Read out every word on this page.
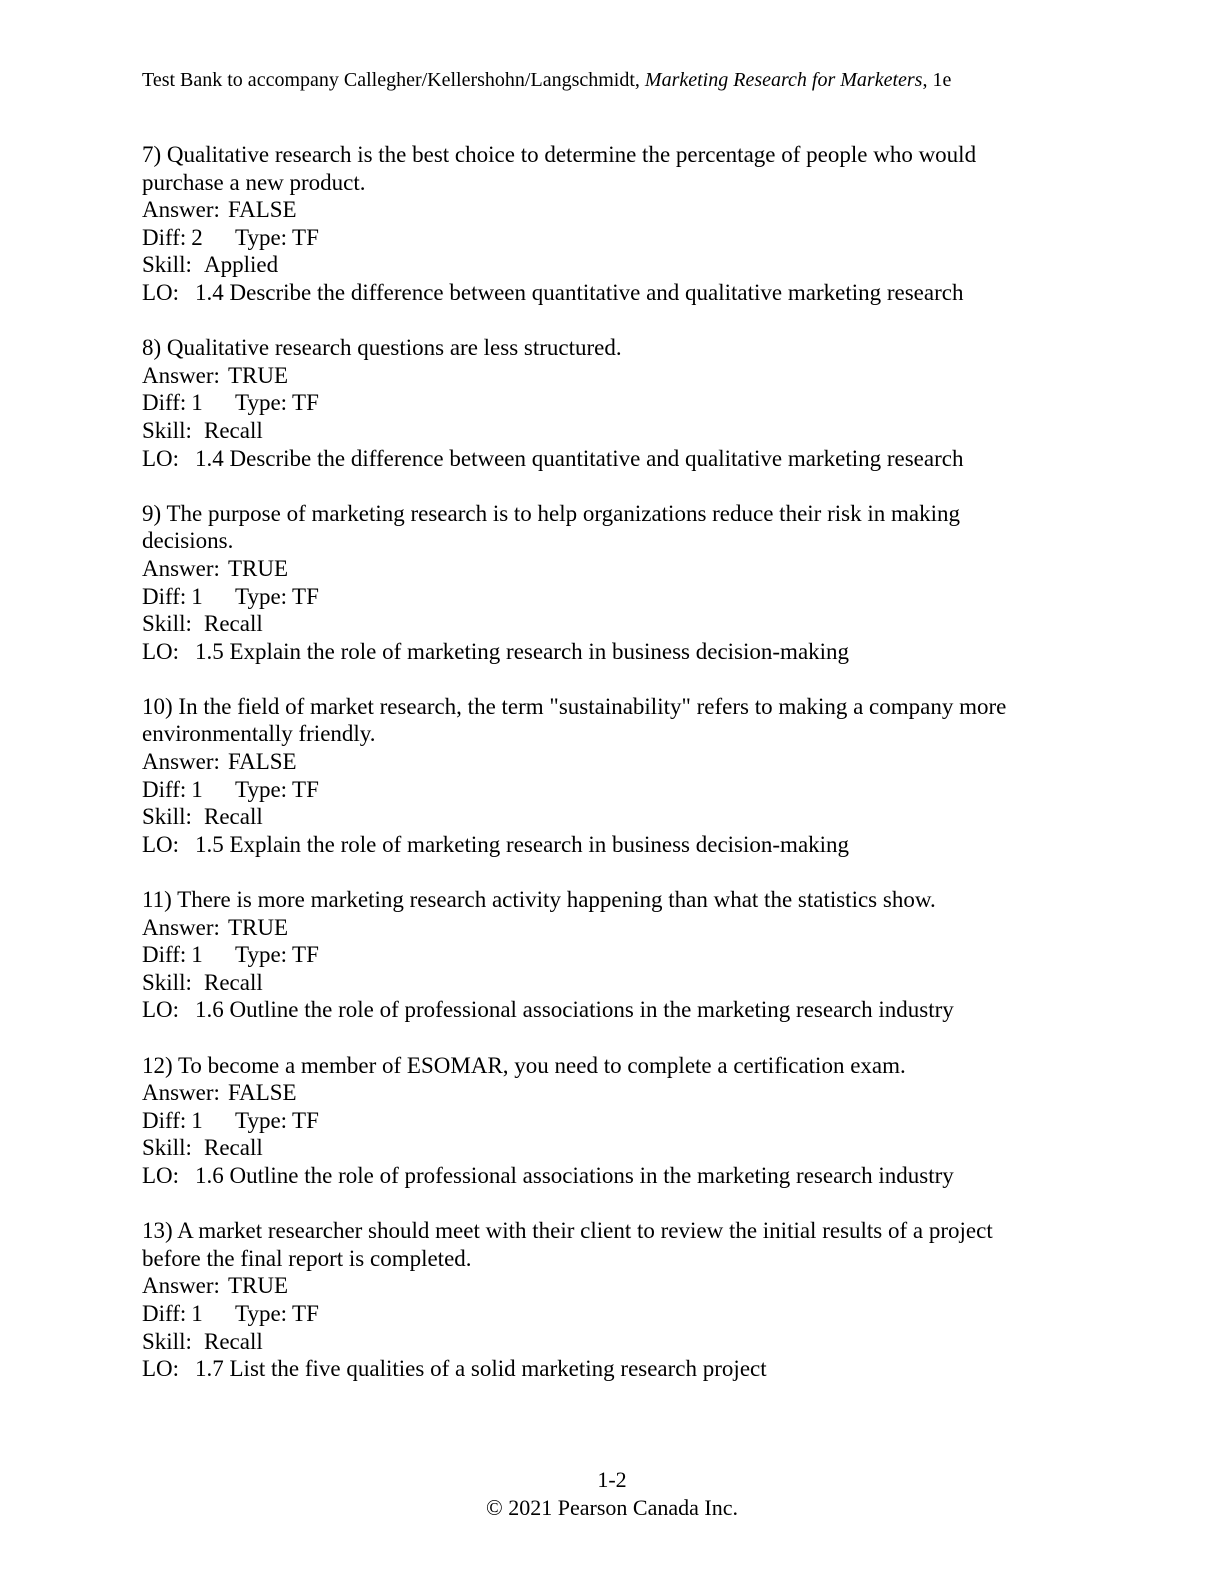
Test Bank to accompany Callegher/Kellershohn/Langschmidt, Marketing Research for Marketers, 1e
7) Qualitative research is the best choice to determine the percentage of people who would
purchase a new product.
Answer: FALSE
Diff: 2 Type: TF
Skill: Applied
LO: 1.4 Describe the difference between quantitative and qualitative marketing research
8) Qualitative research questions are less structured.
Answer: TRUE
Diff: 1 Type: TF
Skill: Recall
LO: 1.4 Describe the difference between quantitative and qualitative marketing research
9) The purpose of marketing research is to help organizations reduce their risk in making
decisions.
Answer: TRUE
Diff: 1 Type: TF
Skill: Recall
LO: 1.5 Explain the role of marketing research in business decision-making
10) In the field of market research, the term "sustainability" refers to making a company more
environmentally friendly.
Answer: FALSE
Diff: 1 Type: TF
Skill: Recall
LO: 1.5 Explain the role of marketing research in business decision-making
11) There is more marketing research activity happening than what the statistics show.
Answer: TRUE
Diff: 1 Type: TF
Skill: Recall
LO: 1.6 Outline the role of professional associations in the marketing research industry
12) To become a member of ESOMAR, you need to complete a certification exam.
Answer: FALSE
Diff: 1 Type: TF
Skill: Recall
LO: 1.6 Outline the role of professional associations in the marketing research industry
13) A market researcher should meet with their client to review the initial results of a project
before the final report is completed.
Answer: TRUE
Diff: 1 Type: TF
Skill: Recall
LO: 1.7 List the five qualities of a solid marketing research project
1-2
© 2021 Pearson Canada Inc.
